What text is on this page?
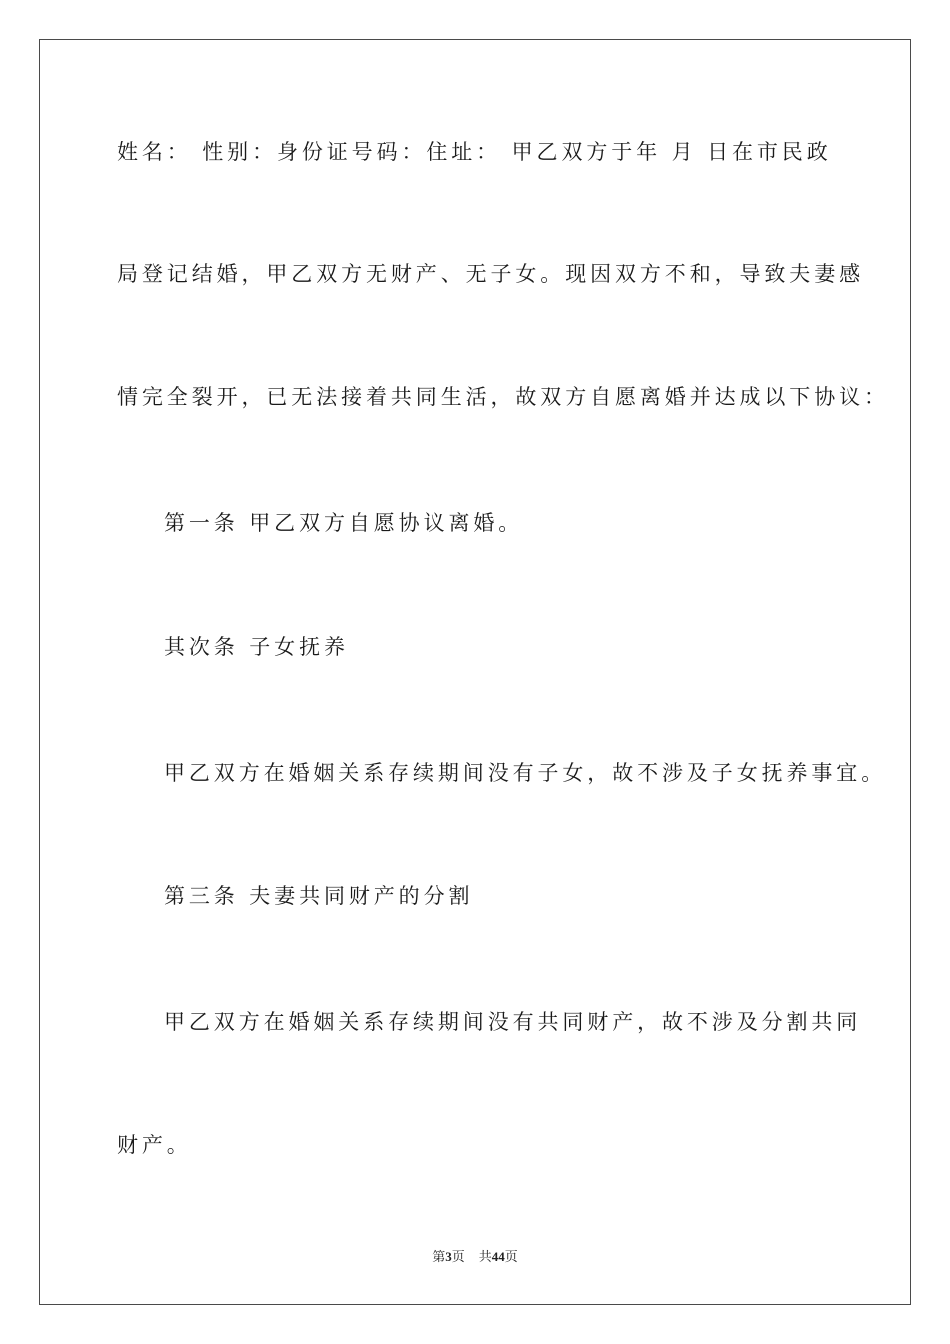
姓名： 性别：身份证号码：住址： 甲乙双方于年 月 日在市民政
局登记结婚，甲乙双方无财产、无子女。现因双方不和，导致夫妻感
情完全裂开，已无法接着共同生活，故双方自愿离婚并达成以下协议：
第一条 甲乙双方自愿协议离婚。
其次条 子女抚养
甲乙双方在婚姻关系存续期间没有子女，故不涉及子女抚养事宜。
第三条 夫妻共同财产的分割
甲乙双方在婚姻关系存续期间没有共同财产，故不涉及分割共同
财产。
第3页 共44页
